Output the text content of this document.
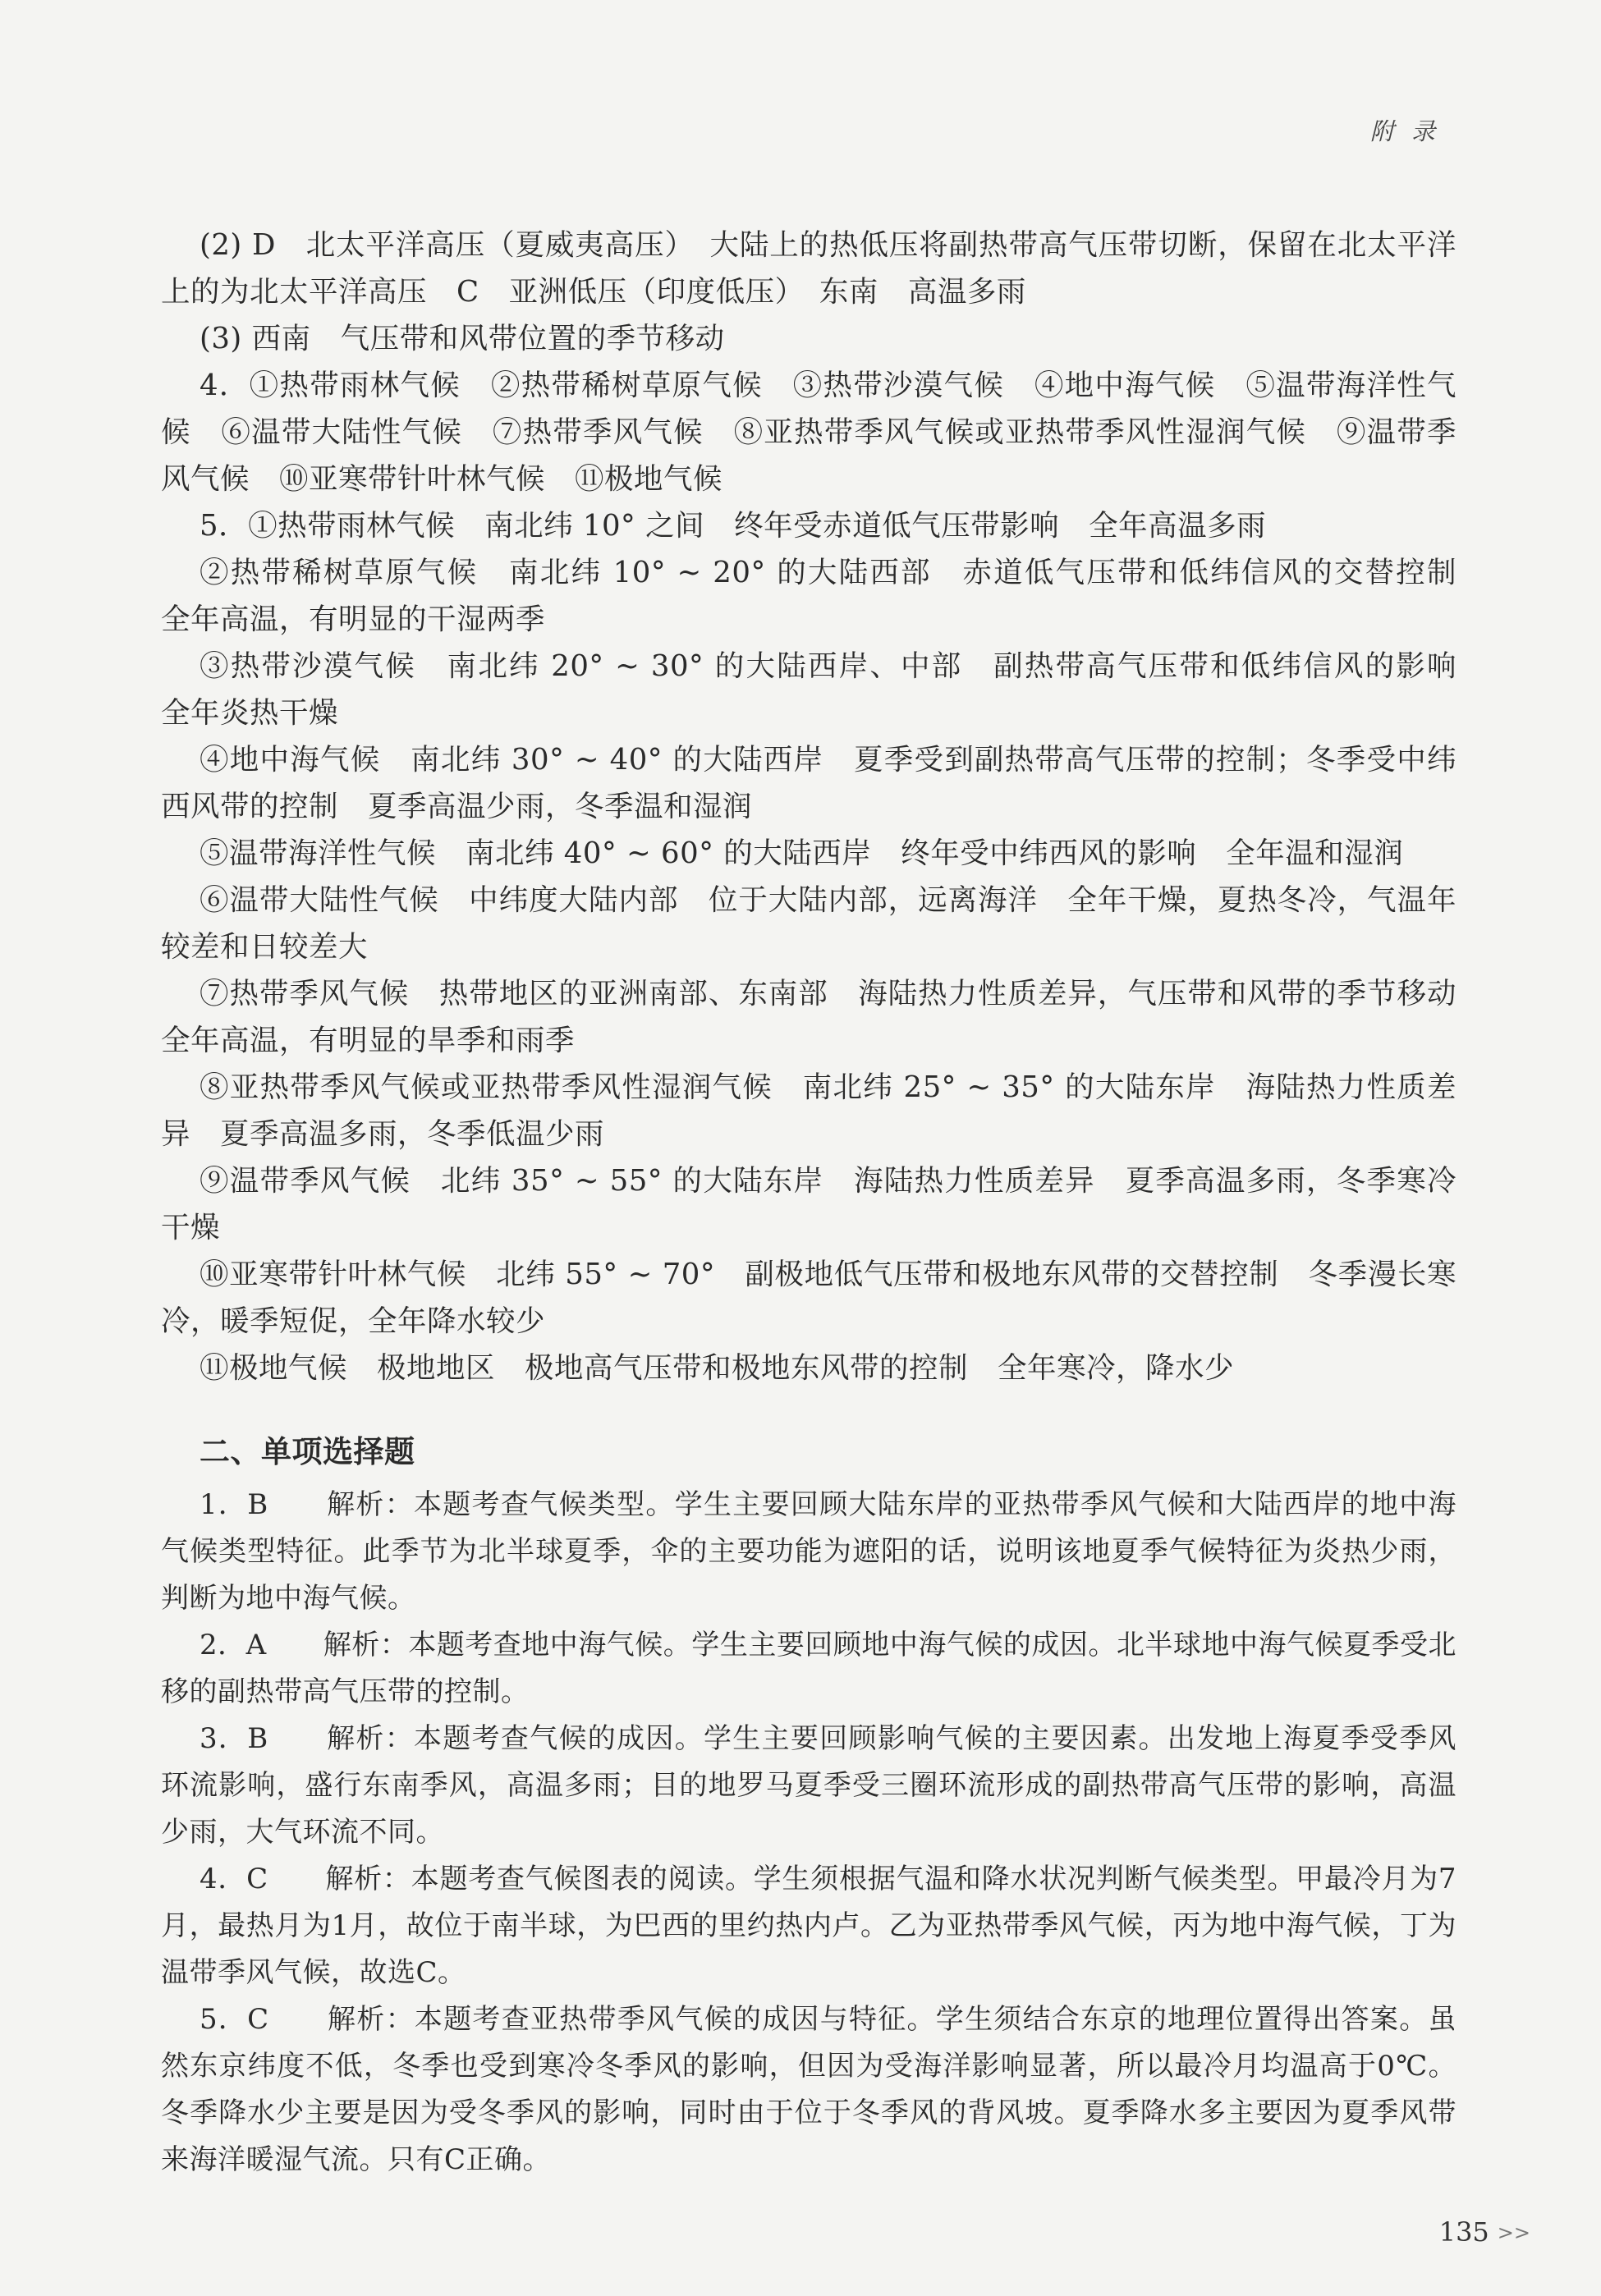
附 录

(2) D　北太平洋高压（夏威夷高压）　大陆上的热低压将副热带高气压带切断，保留在北太平洋上的为北太平洋高压　C　亚洲低压（印度低压）　东南　高温多雨

(3) 西南　气压带和风带位置的季节移动

4．①热带雨林气候　②热带稀树草原气候　③热带沙漠气候　④地中海气候　⑤温带海洋性气候　⑥温带大陆性气候　⑦热带季风气候　⑧亚热带季风气候或亚热带季风性湿润气候　⑨温带季风气候　⑩亚寒带针叶林气候　⑪极地气候

5．①热带雨林气候　南北纬 10° 之间　终年受赤道低气压带影响　全年高温多雨

②热带稀树草原气候　南北纬 10° ~ 20° 的大陆西部　赤道低气压带和低纬信风的交替控制　全年高温，有明显的干湿两季

③热带沙漠气候　南北纬 20° ~ 30° 的大陆西岸、中部　副热带高气压带和低纬信风的影响　全年炎热干燥

④地中海气候　南北纬 30° ~ 40° 的大陆西岸　夏季受到副热带高气压带的控制；冬季受中纬西风带的控制　夏季高温少雨，冬季温和湿润

⑤温带海洋性气候　南北纬 40° ~ 60° 的大陆西岸　终年受中纬西风的影响　全年温和湿润

⑥温带大陆性气候　中纬度大陆内部　位于大陆内部，远离海洋　全年干燥，夏热冬冷，气温年较差和日较差大

⑦热带季风气候　热带地区的亚洲南部、东南部　海陆热力性质差异，气压带和风带的季节移动　全年高温，有明显的旱季和雨季

⑧亚热带季风气候或亚热带季风性湿润气候　南北纬 25° ~ 35° 的大陆东岸　海陆热力性质差异　夏季高温多雨，冬季低温少雨

⑨温带季风气候　北纬 35° ~ 55° 的大陆东岸　海陆热力性质差异　夏季高温多雨，冬季寒冷干燥

⑩亚寒带针叶林气候　北纬 55° ~ 70°　副极地低气压带和极地东风带的交替控制　冬季漫长寒冷，暖季短促，全年降水较少

⑪极地气候　极地地区　极地高气压带和极地东风带的控制　全年寒冷，降水少

二、单项选择题

1．B　　解析：本题考查气候类型。学生主要回顾大陆东岸的亚热带季风气候和大陆西岸的地中海气候类型特征。此季节为北半球夏季，伞的主要功能为遮阳的话，说明该地夏季气候特征为炎热少雨，判断为地中海气候。

2．A　　解析：本题考查地中海气候。学生主要回顾地中海气候的成因。北半球地中海气候夏季受北移的副热带高气压带的控制。

3．B　　解析：本题考查气候的成因。学生主要回顾影响气候的主要因素。出发地上海夏季受季风环流影响，盛行东南季风，高温多雨；目的地罗马夏季受三圈环流形成的副热带高气压带的影响，高温少雨，大气环流不同。

4．C　　解析：本题考查气候图表的阅读。学生须根据气温和降水状况判断气候类型。甲最冷月为7月，最热月为1月，故位于南半球，为巴西的里约热内卢。乙为亚热带季风气候，丙为地中海气候，丁为温带季风气候，故选C。

5．C　　解析：本题考查亚热带季风气候的成因与特征。学生须结合东京的地理位置得出答案。虽然东京纬度不低，冬季也受到寒冷冬季风的影响，但因为受海洋影响显著，所以最冷月均温高于0℃。冬季降水少主要是因为受冬季风的影响，同时由于位于冬季风的背风坡。夏季降水多主要因为夏季风带来海洋暖湿气流。只有C正确。

135 >>
